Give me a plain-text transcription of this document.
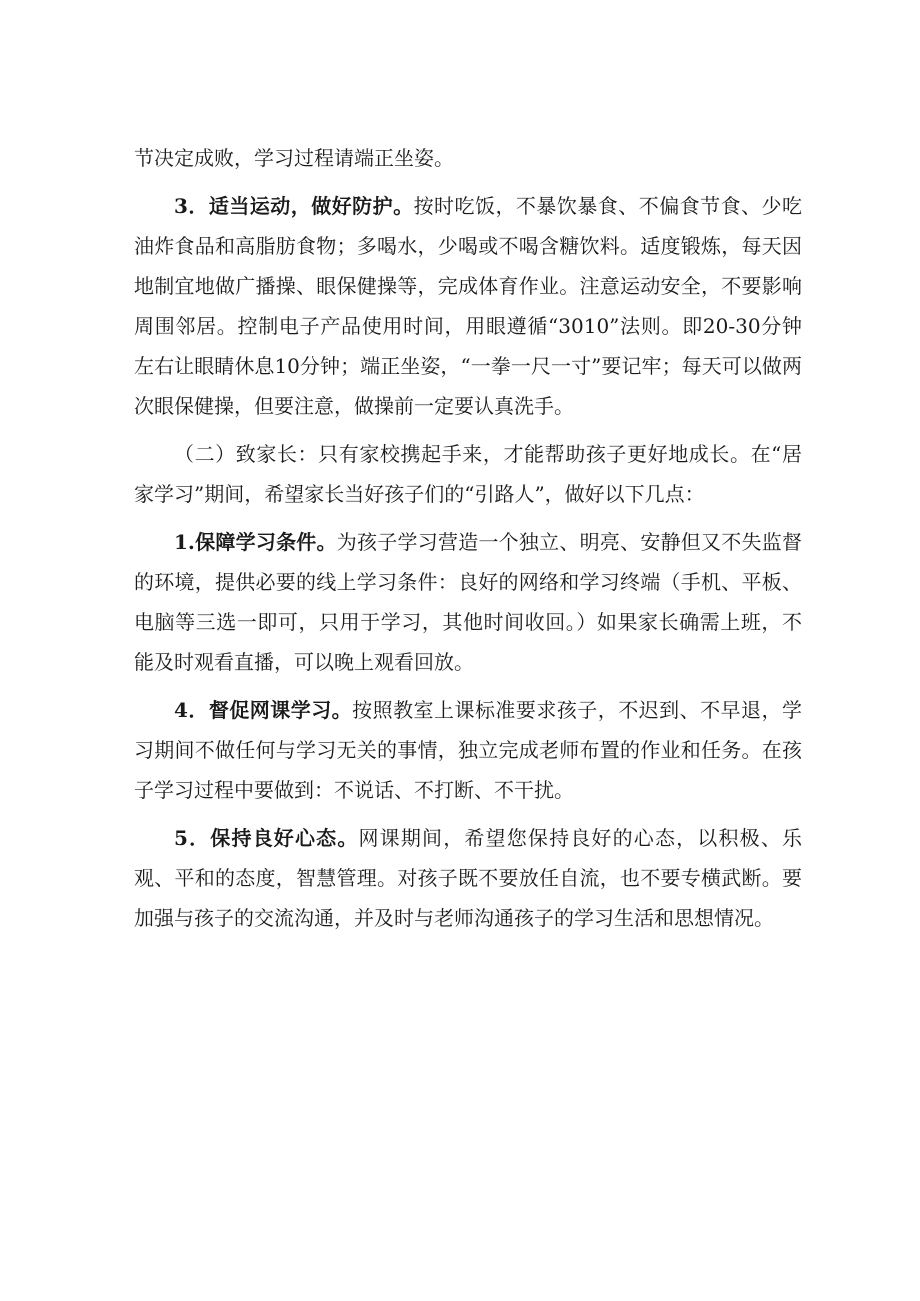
节决定成败，学习过程请端正坐姿。

3．适当运动，做好防护。按时吃饭，不暴饮暴食、不偏食节食、少吃油炸食品和高脂肪食物；多喝水，少喝或不喝含糖饮料。适度锻炼，每天因地制宜地做广播操、眼保健操等，完成体育作业。注意运动安全，不要影响周围邻居。控制电子产品使用时间，用眼遵循“3010”法则。即20-30分钟左右让眼睛休息10分钟；端正坐姿，“一拳一尺一寸”要记牢；每天可以做两次眼保健操，但要注意，做操前一定要认真洗手。

（二）致家长：只有家校携起手来，才能帮助孩子更好地成长。在“居家学习”期间，希望家长当好孩子们的“引路人”，做好以下几点：

1.保障学习条件。为孩子学习营造一个独立、明亮、安静但又不失监督的环境，提供必要的线上学习条件：良好的网络和学习终端（手机、平板、电脑等三选一即可，只用于学习，其他时间收回。）如果家长确需上班，不能及时观看直播，可以晚上观看回放。

4．督促网课学习。按照教室上课标准要求孩子，不迟到、不早退，学习期间不做任何与学习无关的事情，独立完成老师布置的作业和任务。在孩子学习过程中要做到：不说话、不打断、不干扰。

5．保持良好心态。网课期间，希望您保持良好的心态，以积极、乐观、平和的态度，智慧管理。对孩子既不要放任自流，也不要专横武断。要加强与孩子的交流沟通，并及时与老师沟通孩子的学习生活和思想情况。
